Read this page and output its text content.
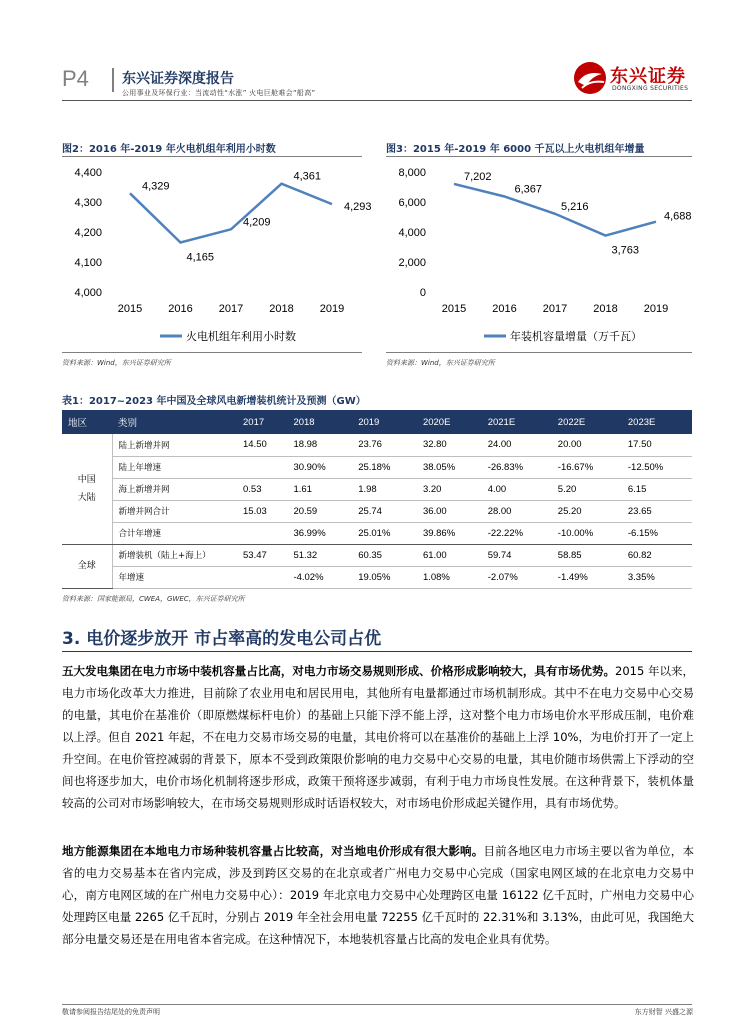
P4 东兴证券深度报告
公用事业及环保行业：当流动性“水涨” 火电巨舱难会“船高”
东兴证券
DONGXING SECURITIES
图2：2016 年-2019 年火电机组年利用小时数	图3：2015 年-2019 年 6000 千瓦以上火电机组年增量
4,000
4,100
4,200
4,300
4,400
2015 2016 2017 2018 2019
4,329
4,165
4,209
4,361
4,293
火电机组年利用小时数
0
2,000
4,000
6,000
8,000
2015 2016 2017 2018 2019
7,202
6,367
5,216
3,763
4,688
年装机容量增量（万千瓦）
资料来源：Wind，东兴证券研究所	资料来源：Wind，东兴证券研究所
表1：2017~2023 年中国及全球风电新增装机统计及预测（GW）
地区	类别	2017	2018	2019	2020E	2021E	2022E	2023E
中国
大陆	陆上新增并网	14.50	18.98	23.76	32.80	24.00	20.00	17.50
	陆上年增速		30.90%	25.18%	38.05%	-26.83%	-16.67%	-12.50%
	海上新增并网	0.53	1.61	1.98	3.20	4.00	5.20	6.15
	新增并网合计	15.03	20.59	25.74	36.00	28.00	25.20	23.65
	合计年增速		36.99%	25.01%	39.86%	-22.22%	-10.00%	-6.15%
全球	新增装机（陆上+海上）	53.47	51.32	60.35	61.00	59.74	58.85	60.82
	年增速		-4.02%	19.05%	1.08%	-2.07%	-1.49%	3.35%
资料来源：国家能源局，CWEA，GWEC，东兴证券研究所
3. 电价逐步放开 市占率高的发电公司占优
五大发电集团在电力市场中装机容量占比高，对电力市场交易规则形成、价格形成影响较大，具有市场优势。2015 年以来，电力市场化改革大力推进，目前除了农业用电和居民用电，其他所有电量都通过市场机制形成。其中不在电力交易中心交易的电量，其电价在基准价（即原燃煤标杆电价）的基础上只能下浮不能上浮，这对整个电力市场电价水平形成压制，电价难以上浮。但自 2021 年起，不在电力交易市场交易的电量，其电价将可以在基准价的基础上上浮 10%，为电价打开了一定上升空间。在电价管控减弱的背景下，原本不受到政策限价影响的电力交易中心交易的电量，其电价随市场供需上下浮动的空间也将逐步加大，电价市场化机制将逐步形成，政策干预将逐步减弱，有利于电力市场良性发展。在这种背景下，装机体量较高的公司对市场影响较大，在市场交易规则形成时话语权较大，对市场电价形成起关键作用，具有市场优势。
地方能源集团在本地电力市场种装机容量占比较高，对当地电价形成有很大影响。目前各地区电力市场主要以省为单位，本省的电力交易基本在省内完成，涉及到跨区交易的在北京或者广州电力交易中心完成（国家电网区域的在北京电力交易中心，南方电网区域的在广州电力交易中心）：2019 年北京电力交易中心处理跨区电量 16122 亿千瓦时，广州电力交易中心处理跨区电量 2265 亿千瓦时，分别占 2019 年全社会用电量 72255 亿千瓦时的 22.31%和 3.13%，由此可见，我国绝大部分电量交易还是在用电省本省完成。在这种情况下，本地装机容量占比高的发电企业具有优势。
敬请参阅报告结尾处的免责声明	东方财智 兴盛之源
